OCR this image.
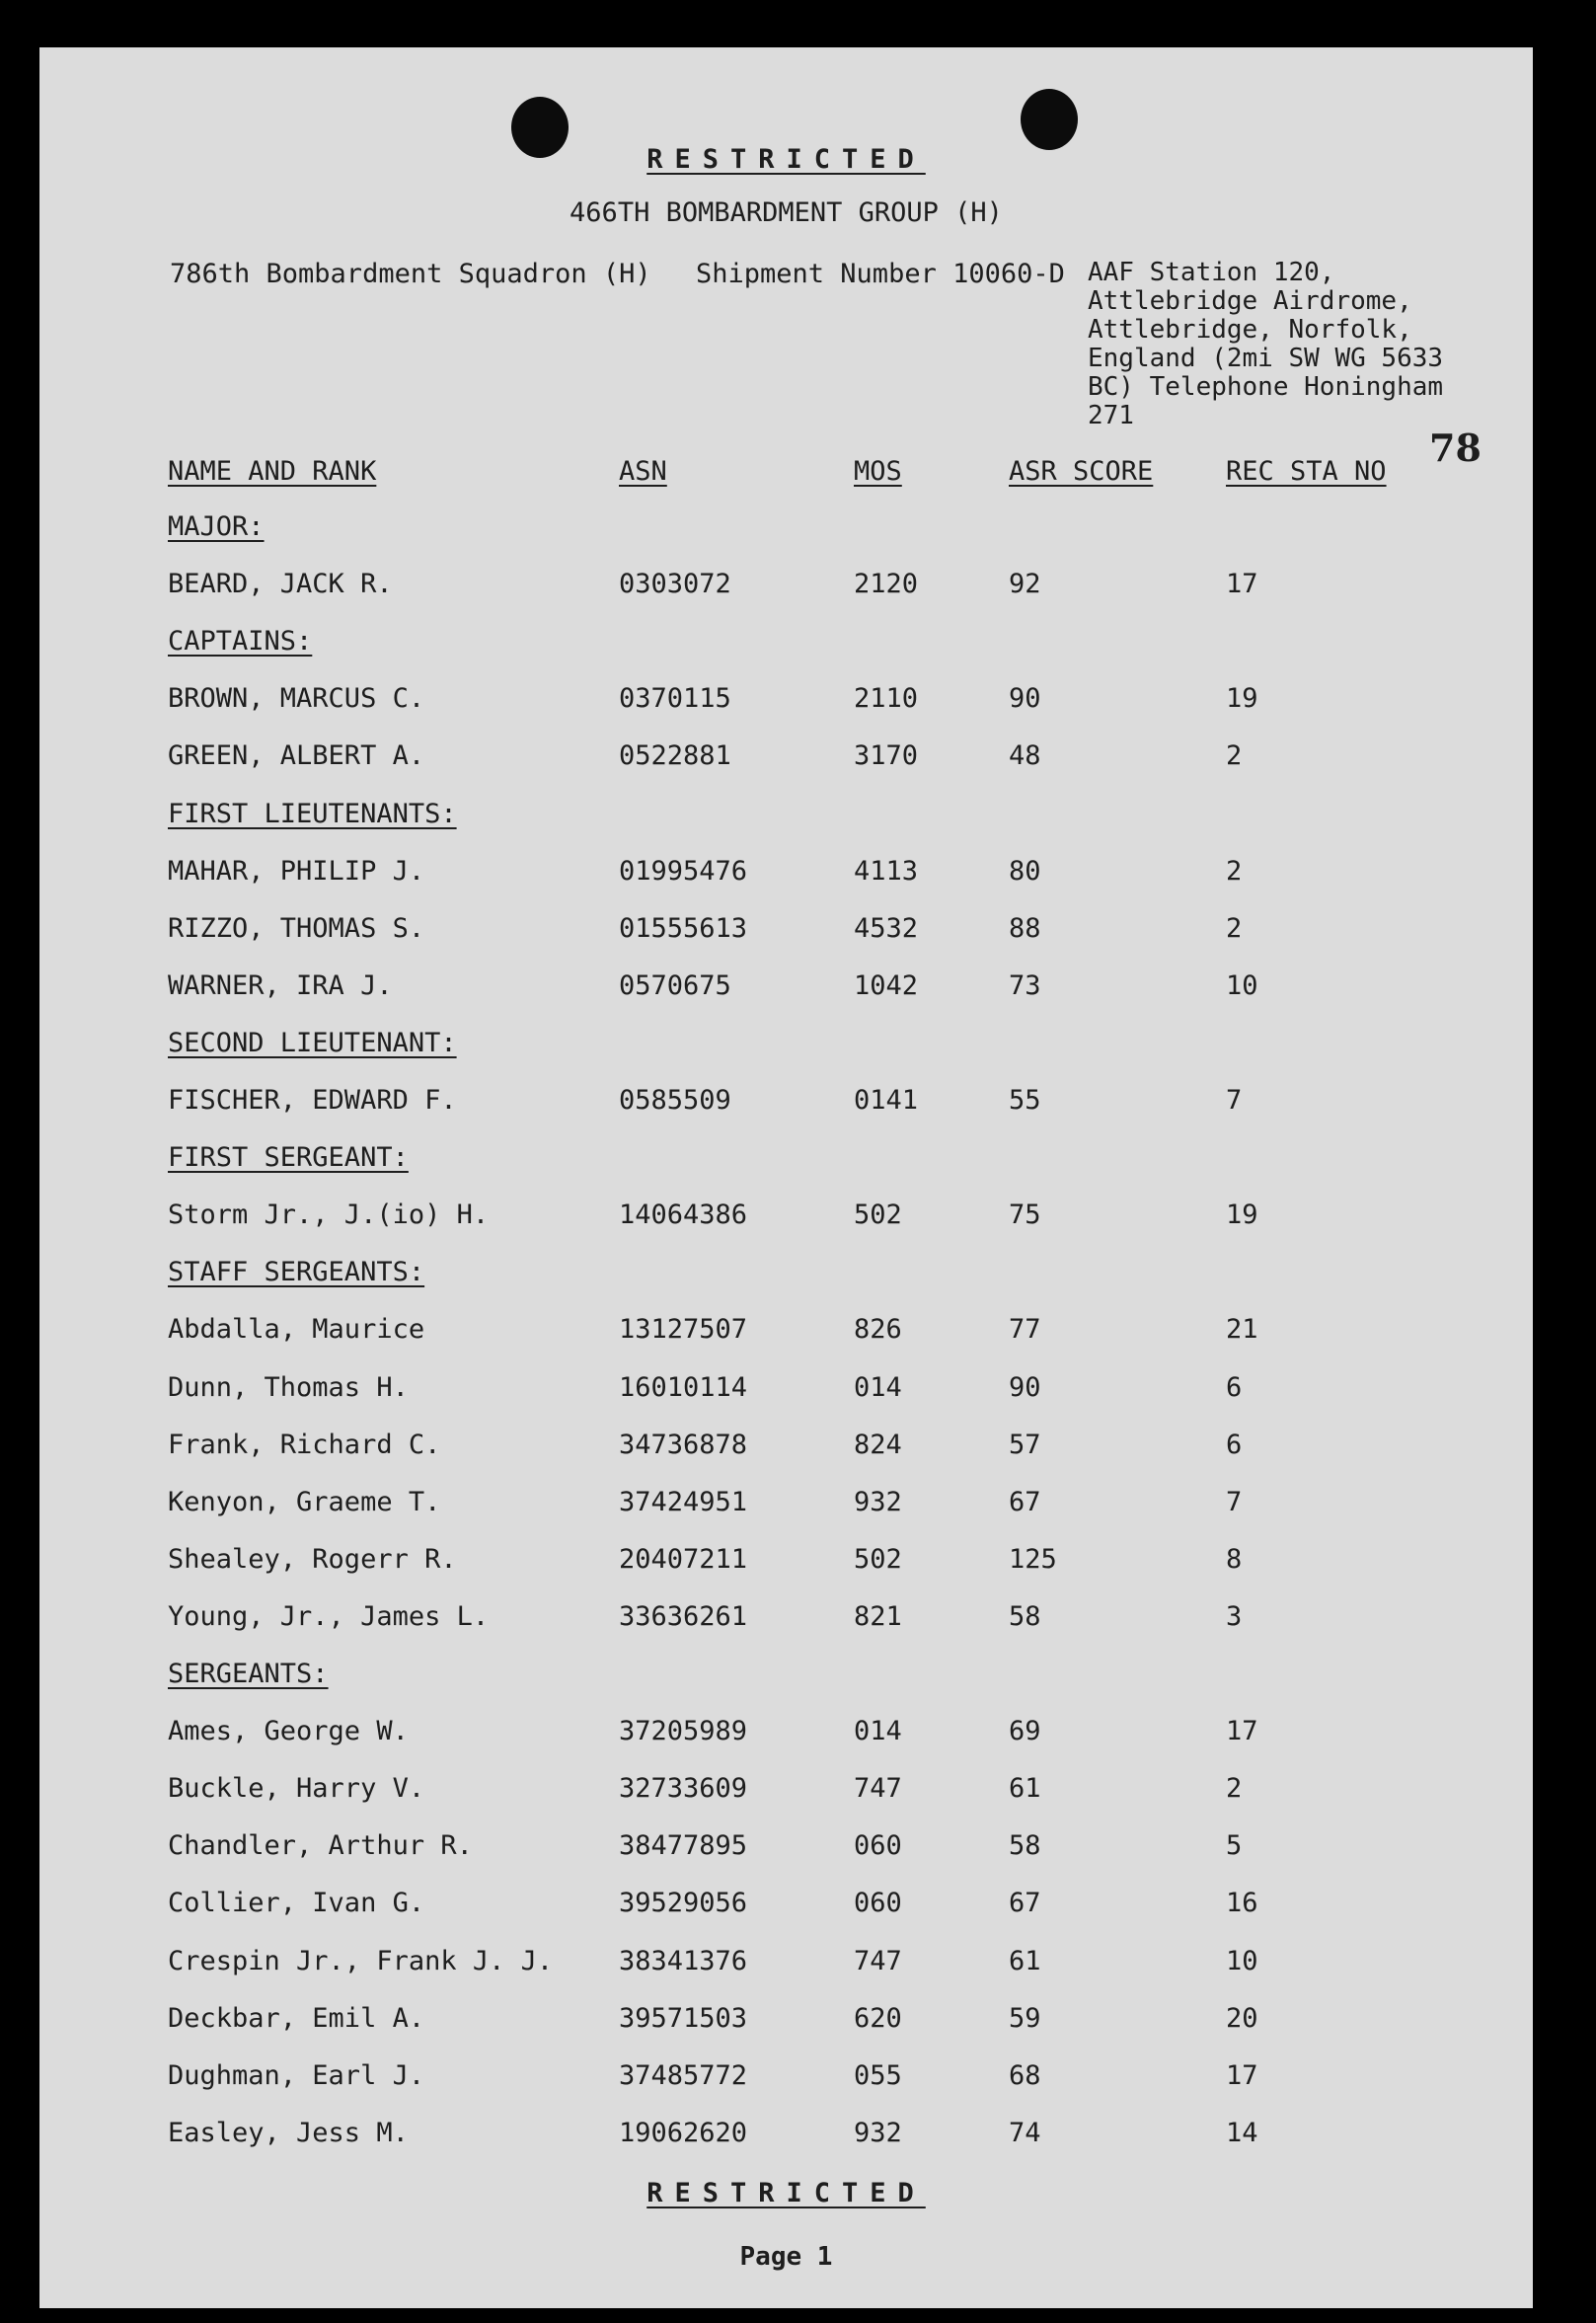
RESTRICTED
466TH BOMBARDMENT GROUP (H)
786th Bombardment Squadron (H) Shipment Number 10060-D AAF Station 120,
Attlebridge Airdrome,
Attlebridge, Norfolk,
England (2mi SW WG 5633
BC) Telephone Honingham
271
78
NAME AND RANK	ASN	MOS	ASR SCORE	REC STA NO
MAJOR:
BEARD, JACK R.	0303072	2120	92	17
CAPTAINS:
BROWN, MARCUS C.	0370115	2110	90	19
GREEN, ALBERT A.	0522881	3170	48	2
FIRST LIEUTENANTS:
MAHAR, PHILIP J.	01995476	4113	80	2
RIZZO, THOMAS S.	01555613	4532	88	2
WARNER, IRA J.	0570675	1042	73	10
SECOND LIEUTENANT:
FISCHER, EDWARD F.	0585509	0141	55	7
FIRST SERGEANT:
Storm Jr., J.(io) H.	14064386	502	75	19
STAFF SERGEANTS:
Abdalla, Maurice	13127507	826	77	21
Dunn, Thomas H.	16010114	014	90	6
Frank, Richard C.	34736878	824	57	6
Kenyon, Graeme T.	37424951	932	67	7
Shealey, Rogerr R.	20407211	502	125	8
Young, Jr., James L.	33636261	821	58	3
SERGEANTS:
Ames, George W.	37205989	014	69	17
Buckle, Harry V.	32733609	747	61	2
Chandler, Arthur R.	38477895	060	58	5
Collier, Ivan G.	39529056	060	67	16
Crespin Jr., Frank J. J. 38341376	747	61	10
Deckbar, Emil A.	39571503	620	59	20
Dughman, Earl J.	37485772	055	68	17
Easley, Jess M.	19062620	932	74	14
RESTRICTED
Page 1
